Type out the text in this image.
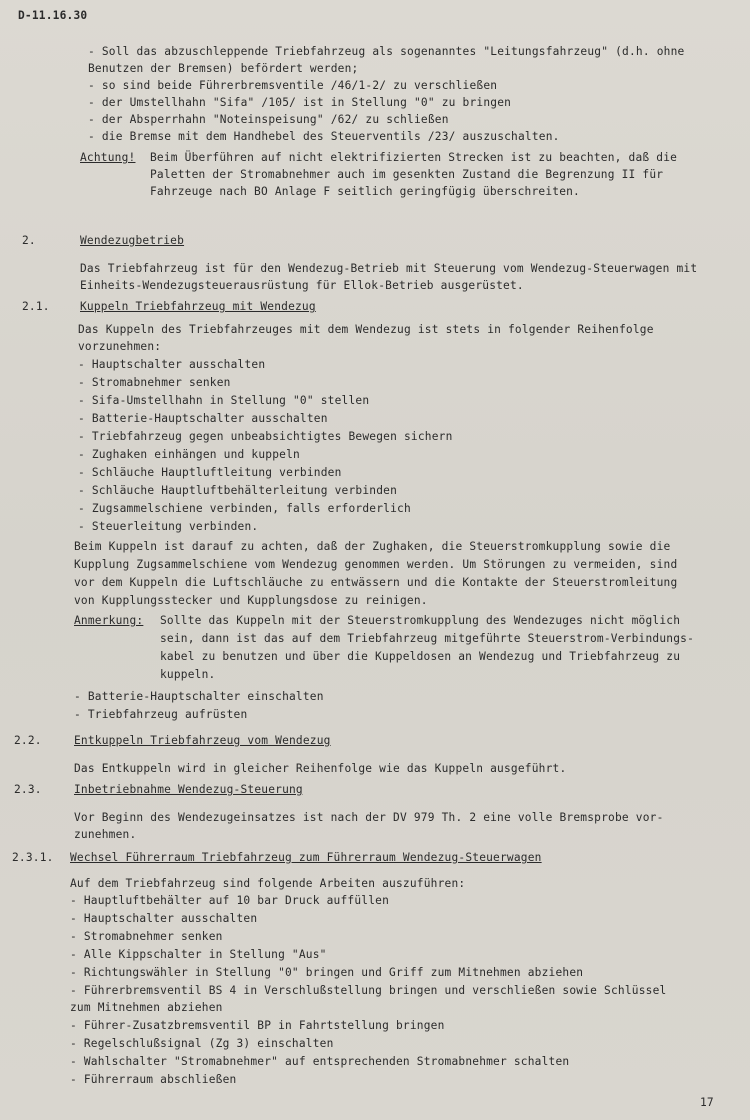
D-11.16.30
- Soll das abzuschleppende Triebfahrzeug als sogenanntes "Leitungsfahrzeug" (d.h. ohne
Benutzen der Bremsen) befördert werden;
- so sind beide Führerbremsventile /46/1-2/ zu verschließen
- der Umstellhahn "Sifa" /105/ ist in Stellung "0" zu bringen
- der Absperrhahn "Noteinspeisung" /62/ zu schließen
- die Bremse mit dem Handhebel des Steuerventils /23/ auszuschalten.
Achtung! Beim Überführen auf nicht elektrifizierten Strecken ist zu beachten, daß die
Paletten der Stromabnehmer auch im gesenkten Zustand die Begrenzung II für
Fahrzeuge nach BO Anlage F seitlich geringfügig überschreiten.
2.	Wendezugbetrieb
Das Triebfahrzeug ist für den Wendezug-Betrieb mit Steuerung vom Wendezug-Steuerwagen mit
Einheits-Wendezugsteuerausrüstung für Ellok-Betrieb ausgerüstet.
2.1.	Kuppeln Triebfahrzeug mit Wendezug
Das Kuppeln des Triebfahrzeuges mit dem Wendezug ist stets in folgender Reihenfolge
vorzunehmen:
- Hauptschalter ausschalten
- Stromabnehmer senken
- Sifa-Umstellhahn in Stellung "0" stellen
- Batterie-Hauptschalter ausschalten
- Triebfahrzeug gegen unbeabsichtigtes Bewegen sichern
- Zughaken einhängen und kuppeln
- Schläuche Hauptluftleitung verbinden
- Schläuche Hauptluftbehälterleitung verbinden
- Zugsammelschiene verbinden, falls erforderlich
- Steuerleitung verbinden.
Beim Kuppeln ist darauf zu achten, daß der Zughaken, die Steuerstromkupplung sowie die
Kupplung Zugsammelschiene vom Wendezug genommen werden. Um Störungen zu vermeiden, sind
vor dem Kuppeln die Luftschläuche zu entwässern und die Kontakte der Steuerstromleitung
von Kupplungsstecker und Kupplungsdose zu reinigen.
Anmerkung: Sollte das Kuppeln mit der Steuerstromkupplung des Wendezuges nicht möglich
sein, dann ist das auf dem Triebfahrzeug mitgeführte Steuerstrom-Verbindungs-
kabel zu benutzen und über die Kuppeldosen an Wendezug und Triebfahrzeug zu
kuppeln.
- Batterie-Hauptschalter einschalten
- Triebfahrzeug aufrüsten
2.2.	Entkuppeln Triebfahrzeug vom Wendezug
Das Entkuppeln wird in gleicher Reihenfolge wie das Kuppeln ausgeführt.
2.3.	Inbetriebnahme Wendezug-Steuerung
Vor Beginn des Wendezugeinsatzes ist nach der DV 979 Th. 2 eine volle Bremsprobe vor-
zunehmen.
2.3.1. Wechsel Führerraum Triebfahrzeug zum Führerraum Wendezug-Steuerwagen
Auf dem Triebfahrzeug sind folgende Arbeiten auszuführen:
- Hauptluftbehälter auf 10 bar Druck auffüllen
- Hauptschalter ausschalten
- Stromabnehmer senken
- Alle Kippschalter in Stellung "Aus"
- Richtungswähler in Stellung "0" bringen und Griff zum Mitnehmen abziehen
- Führerbremsventil BS 4 in Verschlußstellung bringen und verschließen sowie Schlüssel
zum Mitnehmen abziehen
- Führer-Zusatzbremsventil BP in Fahrtstellung bringen
- Regelschlußsignal (Zg 3) einschalten
- Wahlschalter "Stromabnehmer" auf entsprechenden Stromabnehmer schalten
- Führerraum abschließen
17
